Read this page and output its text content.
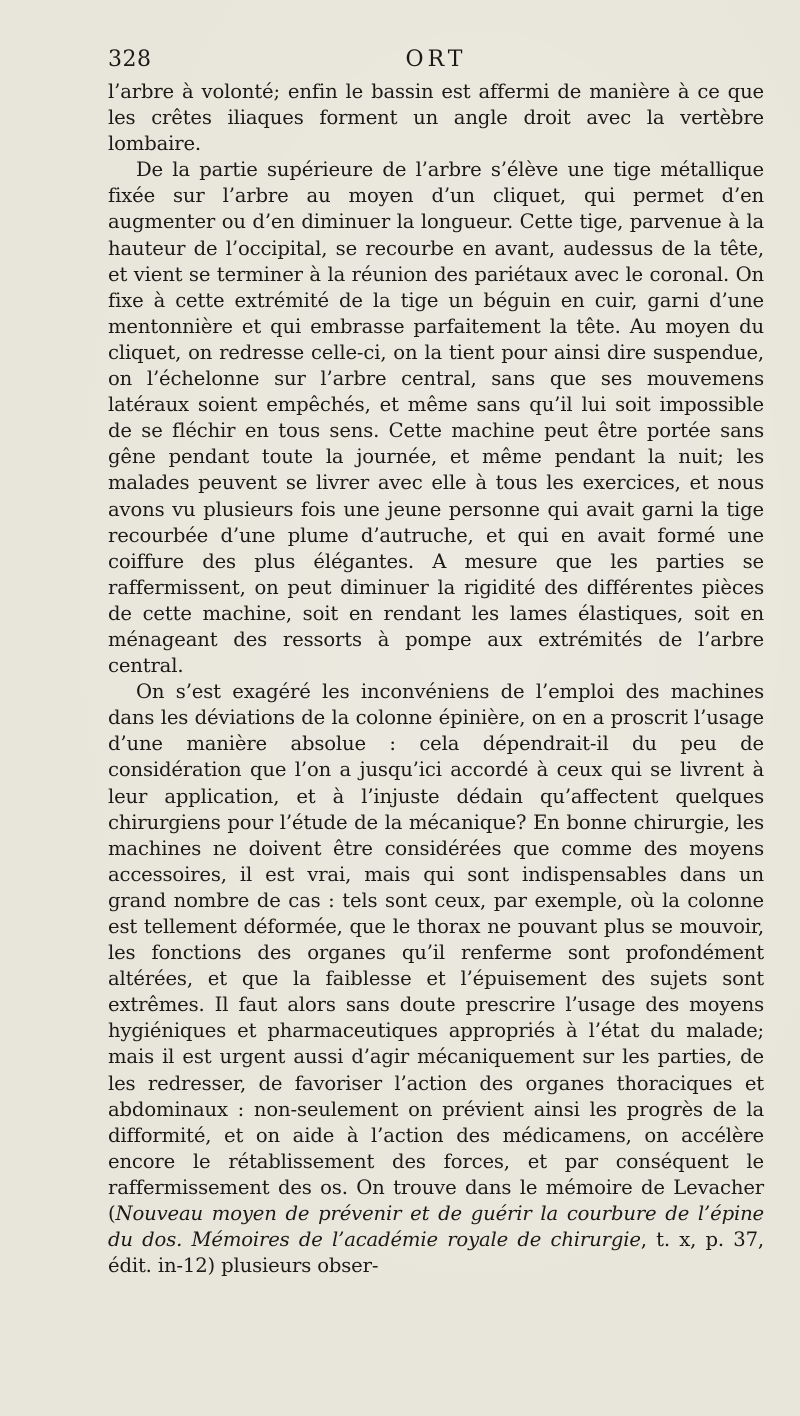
328	ORT

l’arbre à volonté; enfin le bassin est affermi de manière à ce que les crêtes iliaques forment un angle droit avec la vertèbre lombaire.

De la partie supérieure de l’arbre s’élève une tige métallique fixée sur l’arbre au moyen d’un cliquet, qui permet d’en augmenter ou d’en diminuer la longueur. Cette tige, parvenue à la hauteur de l’occipital, se recourbe en avant, audessus de la tête, et vient se terminer à la réunion des pariétaux avec le coronal. On fixe à cette extrémité de la tige un béguin en cuir, garni d’une mentonnière et qui embrasse parfaitement la tête. Au moyen du cliquet, on redresse celle-ci, on la tient pour ainsi dire suspendue, on l’échelonne sur l’arbre central, sans que ses mouvemens latéraux soient empêchés, et même sans qu’il lui soit impossible de se fléchir en tous sens. Cette machine peut être portée sans gêne pendant toute la journée, et même pendant la nuit; les malades peuvent se livrer avec elle à tous les exercices, et nous avons vu plusieurs fois une jeune personne qui avait garni la tige recourbée d’une plume d’autruche, et qui en avait formé une coiffure des plus élégantes. A mesure que les parties se raffermissent, on peut diminuer la rigidité des différentes pièces de cette machine, soit en rendant les lames élastiques, soit en ménageant des ressorts à pompe aux extrémités de l’arbre central.

On s’est exagéré les inconvéniens de l’emploi des machines dans les déviations de la colonne épinière, on en a proscrit l’usage d’une manière absolue : cela dépendrait-il du peu de considération que l’on a jusqu’ici accordé à ceux qui se livrent à leur application, et à l’injuste dédain qu’affectent quelques chirurgiens pour l’étude de la mécanique? En bonne chirurgie, les machines ne doivent être considérées que comme des moyens accessoires, il est vrai, mais qui sont indispensables dans un grand nombre de cas : tels sont ceux, par exemple, où la colonne est tellement déformée, que le thorax ne pouvant plus se mouvoir, les fonctions des organes qu’il renferme sont profondément altérées, et que la faiblesse et l’épuisement des sujets sont extrêmes. Il faut alors sans doute prescrire l’usage des moyens hygiéniques et pharmaceutiques appropriés à l’état du malade; mais il est urgent aussi d’agir mécaniquement sur les parties, de les redresser, de favoriser l’action des organes thoraciques et abdominaux : non-seulement on prévient ainsi les progrès de la difformité, et on aide à l’action des médicamens, on accélère encore le rétablissement des forces, et par conséquent le raffermissement des os. On trouve dans le mémoire de Levacher (Nouveau moyen de prévenir et de guérir la courbure de l’épine du dos. Mémoires de l’académie royale de chirurgie, t. x, p. 37, édit. in-12) plusieurs obser-
